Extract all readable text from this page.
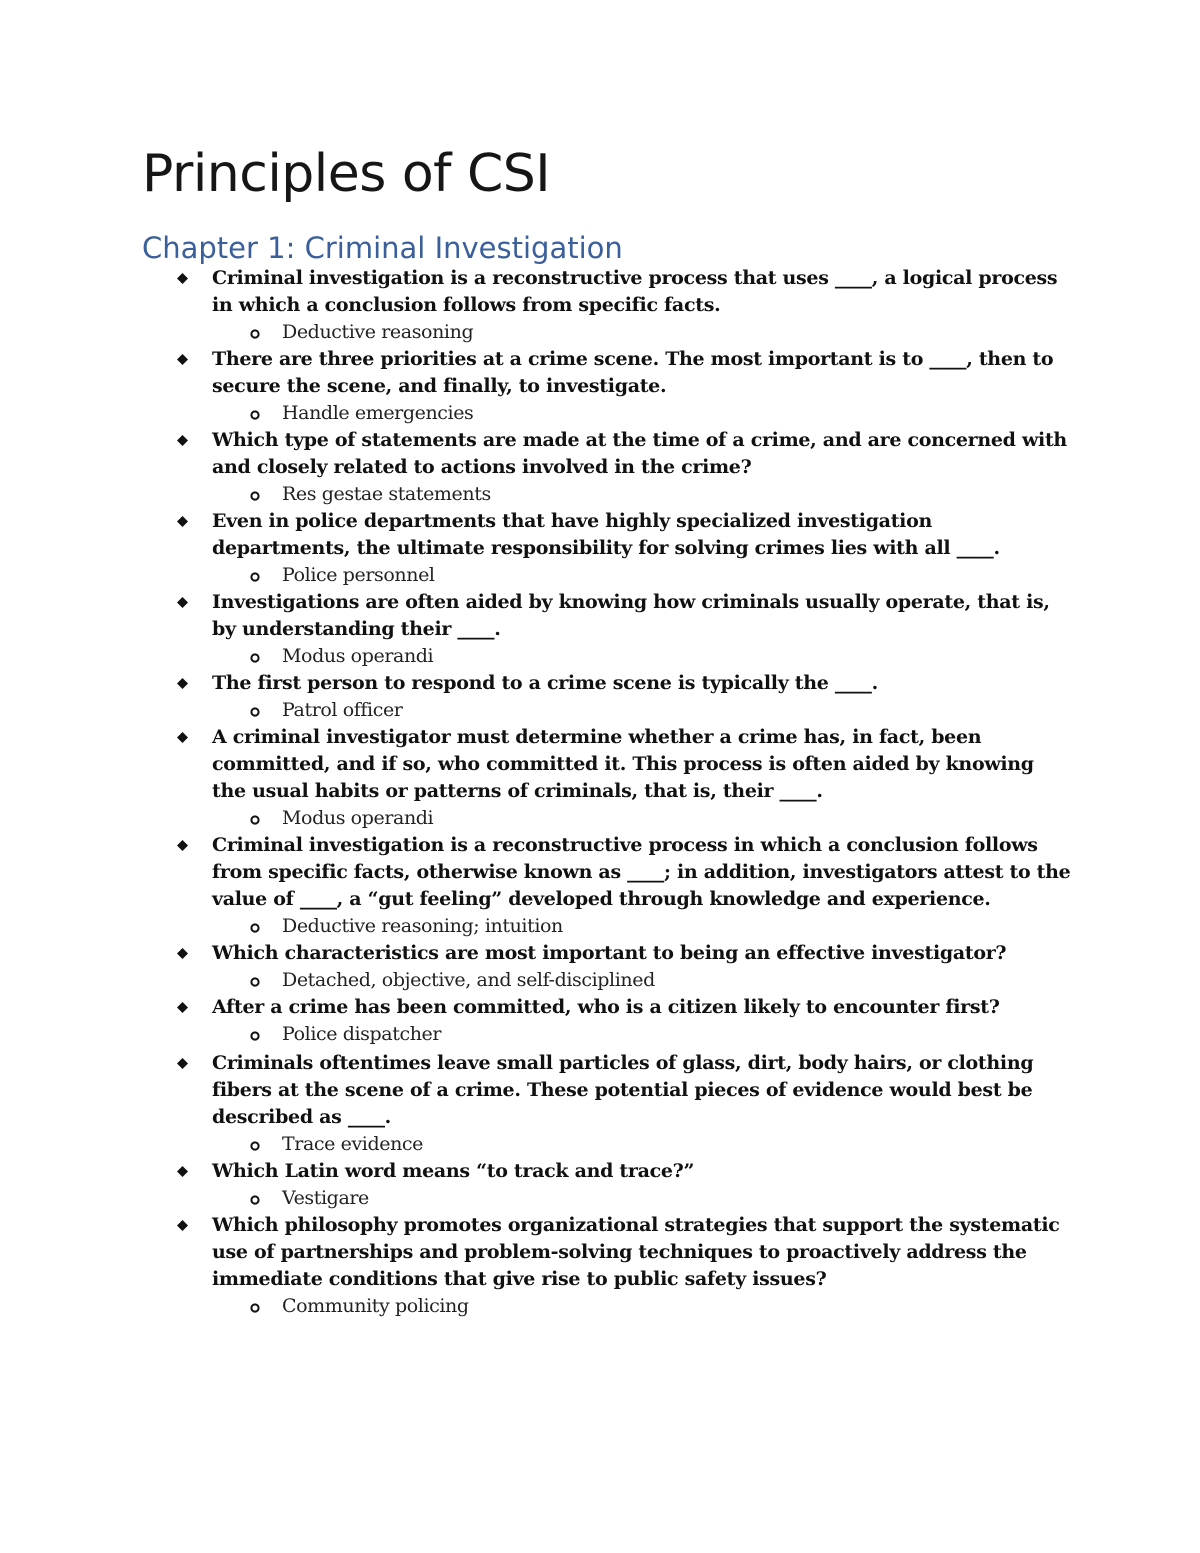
Principles of CSI
Chapter 1: Criminal Investigation
Criminal investigation is a reconstructive process that uses ____, a logical process in which a conclusion follows from specific facts.
Deductive reasoning
There are three priorities at a crime scene. The most important is to ____, then to secure the scene, and finally, to investigate.
Handle emergencies
Which type of statements are made at the time of a crime, and are concerned with and closely related to actions involved in the crime?
Res gestae statements
Even in police departments that have highly specialized investigation departments, the ultimate responsibility for solving crimes lies with all ____.
Police personnel
Investigations are often aided by knowing how criminals usually operate, that is, by understanding their ____.
Modus operandi
The first person to respond to a crime scene is typically the ____.
Patrol officer
A criminal investigator must determine whether a crime has, in fact, been committed, and if so, who committed it. This process is often aided by knowing the usual habits or patterns of criminals, that is, their ____.
Modus operandi
Criminal investigation is a reconstructive process in which a conclusion follows from specific facts, otherwise known as ____; in addition, investigators attest to the value of ____, a “gut feeling” developed through knowledge and experience.
Deductive reasoning; intuition
Which characteristics are most important to being an effective investigator?
Detached, objective, and self-disciplined
After a crime has been committed, who is a citizen likely to encounter first?
Police dispatcher
Criminals oftentimes leave small particles of glass, dirt, body hairs, or clothing fibers at the scene of a crime. These potential pieces of evidence would best be described as ____.
Trace evidence
Which Latin word means “to track and trace?”
Vestigare
Which philosophy promotes organizational strategies that support the systematic use of partnerships and problem-solving techniques to proactively address the immediate conditions that give rise to public safety issues?
Community policing
